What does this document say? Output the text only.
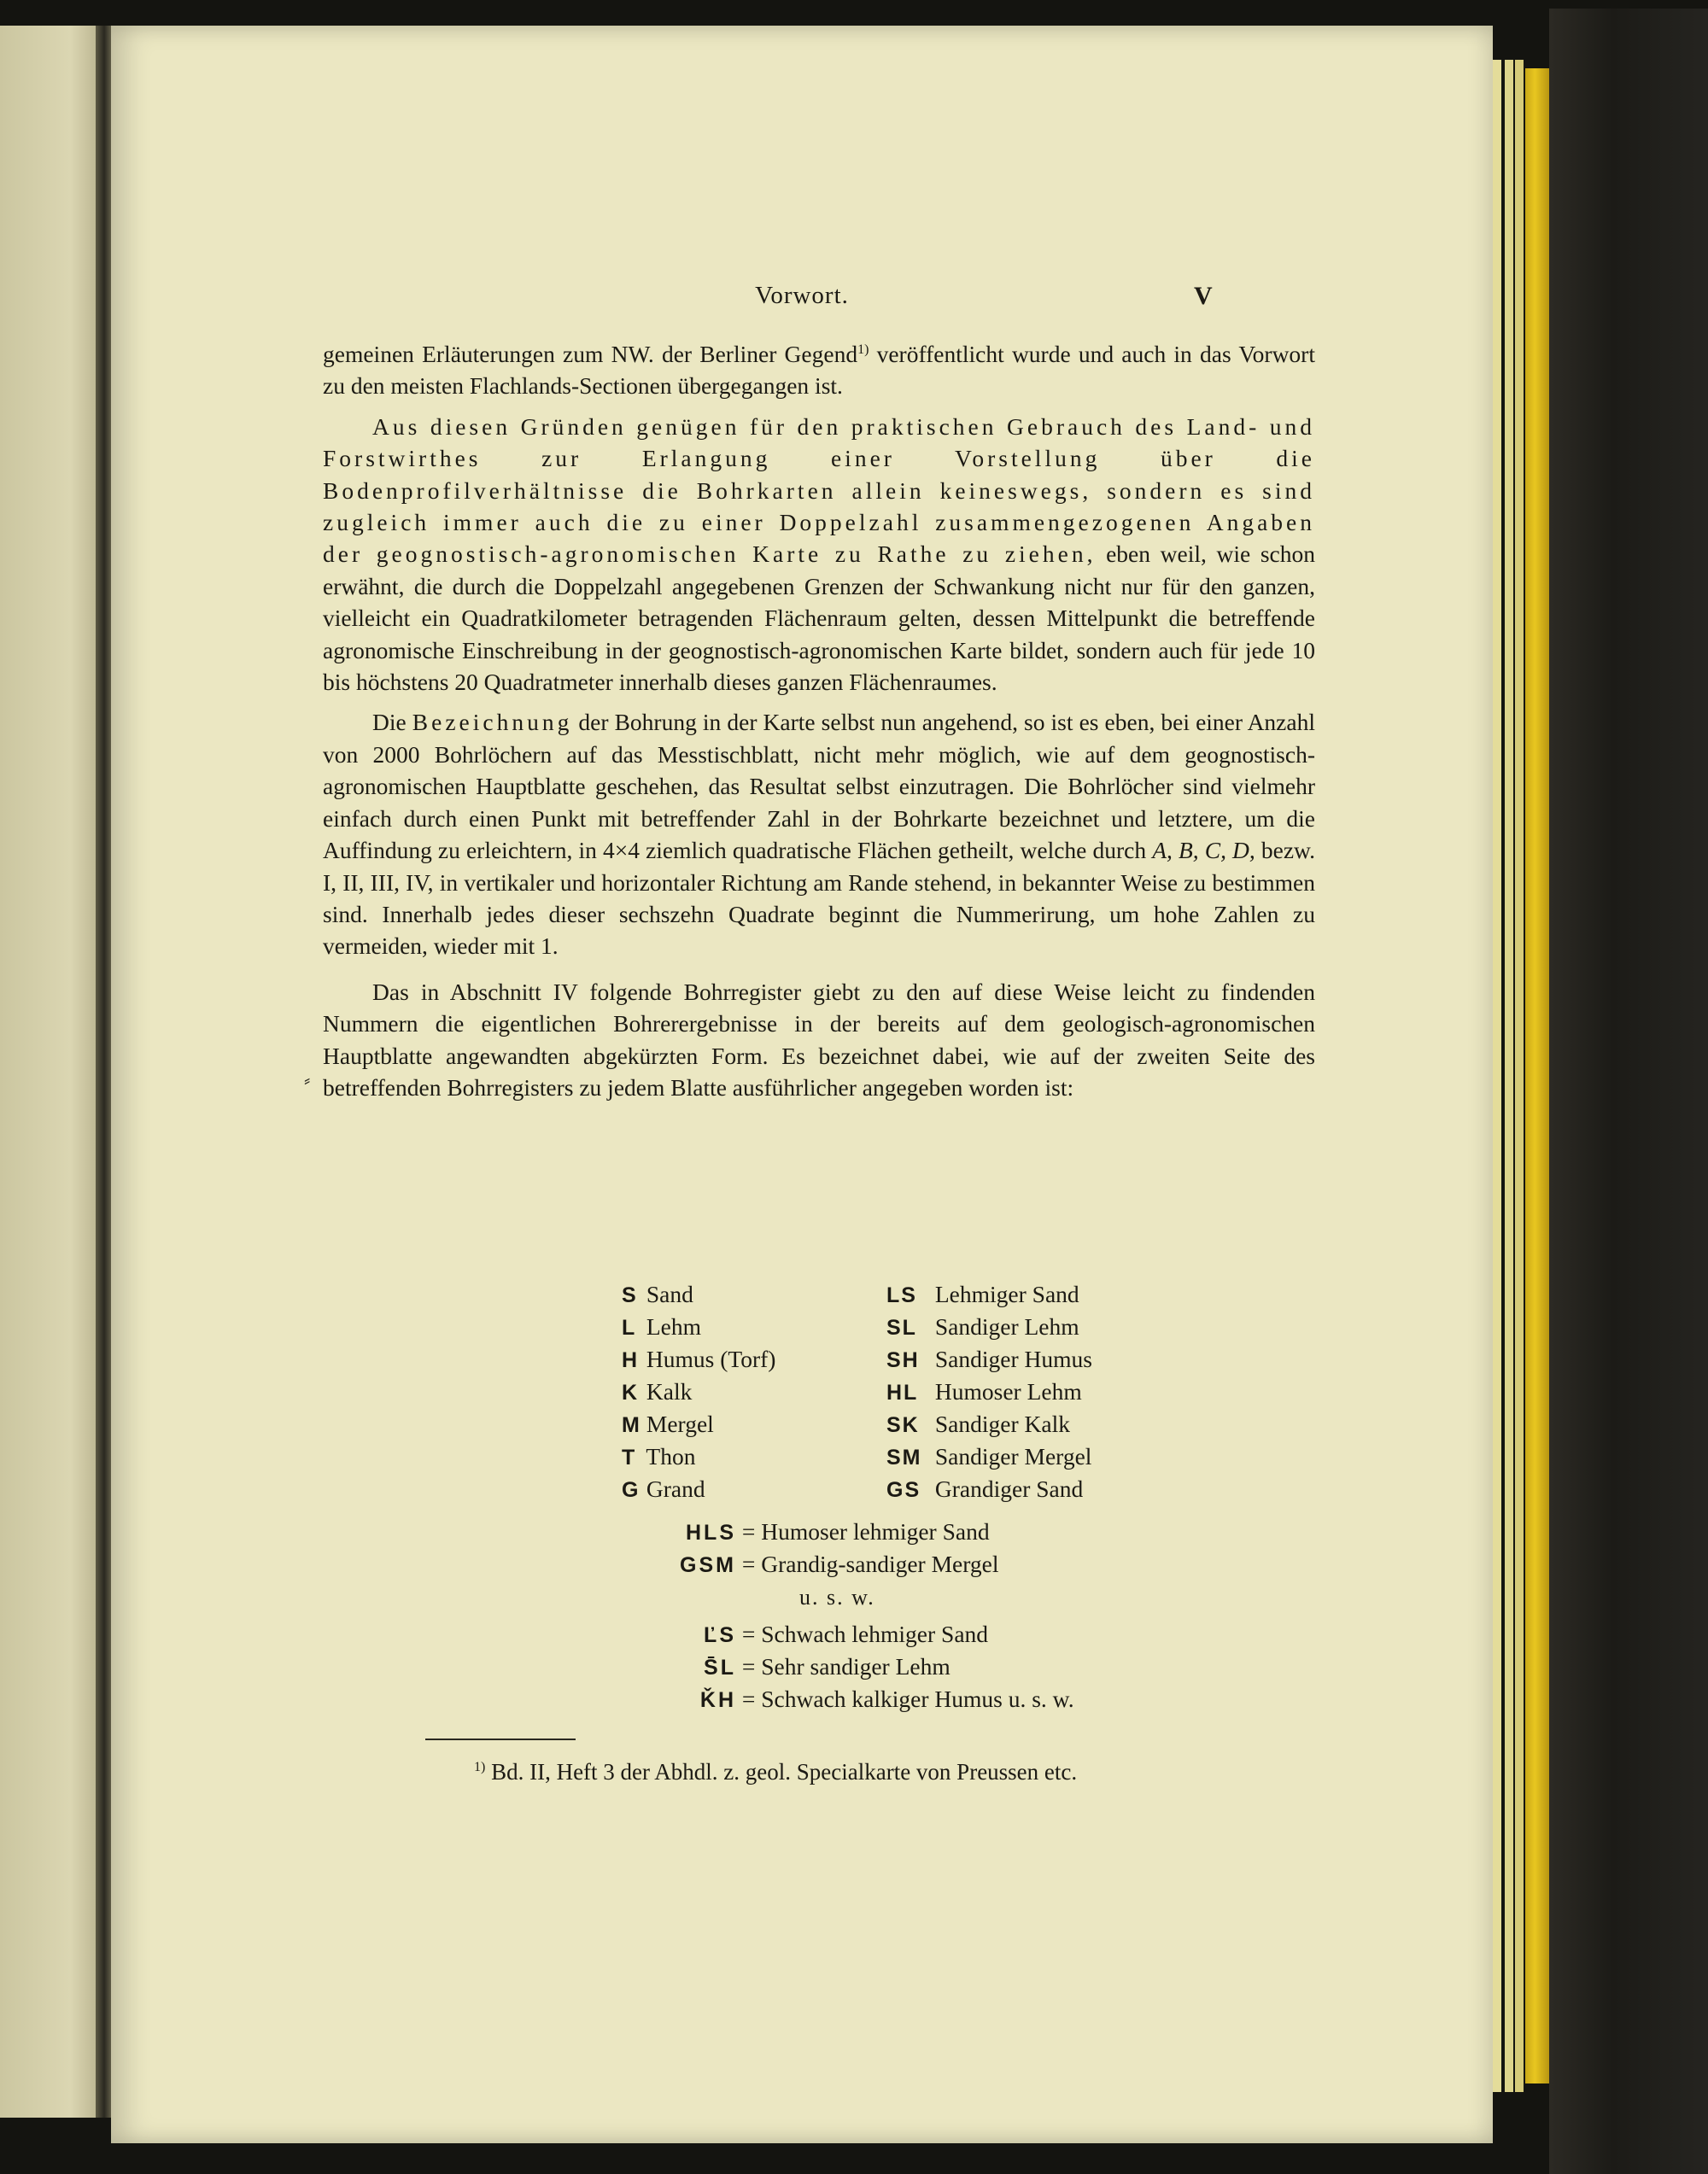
Vorwort.	V

gemeinen Erläuterungen zum NW. der Berliner Gegend$^{1)}$ veröffentlicht wurde und auch in das Vorwort zu den meisten Flachlands-Sectionen übergegangen ist.

Aus diesen Gründen genügen für den praktischen Gebrauch des Land- und Forstwirthes zur Erlangung einer Vorstellung über die Bodenprofilverhältnisse die Bohrkarten allein keineswegs, sondern es sind zugleich immer auch die zu einer Doppelzahl zusammengezogenen Angaben der geognostisch-agronomischen Karte zu Rathe zu ziehen, eben weil, wie schon erwähnt, die durch die Doppelzahl angegebenen Grenzen der Schwankung nicht nur für den ganzen, vielleicht ein Quadratkilometer betragenden Flächenraum gelten, dessen Mittelpunkt die betreffende agronomische Einschreibung in der geognostisch-agronomischen Karte bildet, sondern auch für jede 10 bis höchstens 20 Quadratmeter innerhalb dieses ganzen Flächenraumes.

Die Bezeichnung der Bohrung in der Karte selbst nun angehend, so ist es eben, bei einer Anzahl von 2000 Bohrlöchern auf das Messtischblatt, nicht mehr möglich, wie auf dem geognostisch-agronomischen Hauptblatte geschehen, das Resultat selbst einzutragen. Die Bohrlöcher sind vielmehr einfach durch einen Punkt mit betreffender Zahl in der Bohrkarte bezeichnet und letztere, um die Auffindung zu erleichtern, in 4×4 ziemlich quadratische Flächen getheilt, welche durch A, B, C, D, bezw. I, II, III, IV, in vertikaler und horizontaler Richtung am Rande stehend, in bekannter Weise zu bestimmen sind. Innerhalb jedes dieser sechszehn Quadrate beginnt die Nummerirung, um hohe Zahlen zu vermeiden, wieder mit 1.

Das in Abschnitt IV folgende Bohrregister giebt zu den auf diese Weise leicht zu findenden Nummern die eigentlichen Bohrerergebnisse in der bereits auf dem geologisch-agronomischen Hauptblatte angewandten abgekürzten Form. Es bezeichnet dabei, wie auf der zweiten Seite des betreffenden Bohrregisters zu jedem Blatte ausführlicher angegeben worden ist:

S Sand	LS Lehmiger Sand
L Lehm	SL Sandiger Lehm
H Humus (Torf)	SH Sandiger Humus
K Kalk	HL Humoser Lehm
M Mergel	SK Sandiger Kalk
T Thon	SM Sandiger Mergel
G Grand	GS Grandiger Sand
HLS = Humoser lehmiger Sand
GSM = Grandig-sandiger Mergel
u. s. w.
ĽS = Schwach lehmiger Sand
S̄L = Sehr sandiger Lehm
ǨH = Schwach kalkiger Humus u. s. w.
$^{1)}$ Bd. II, Heft 3 der Abhdl. z. geol. Specialkarte von Preussen etc.
⸗
